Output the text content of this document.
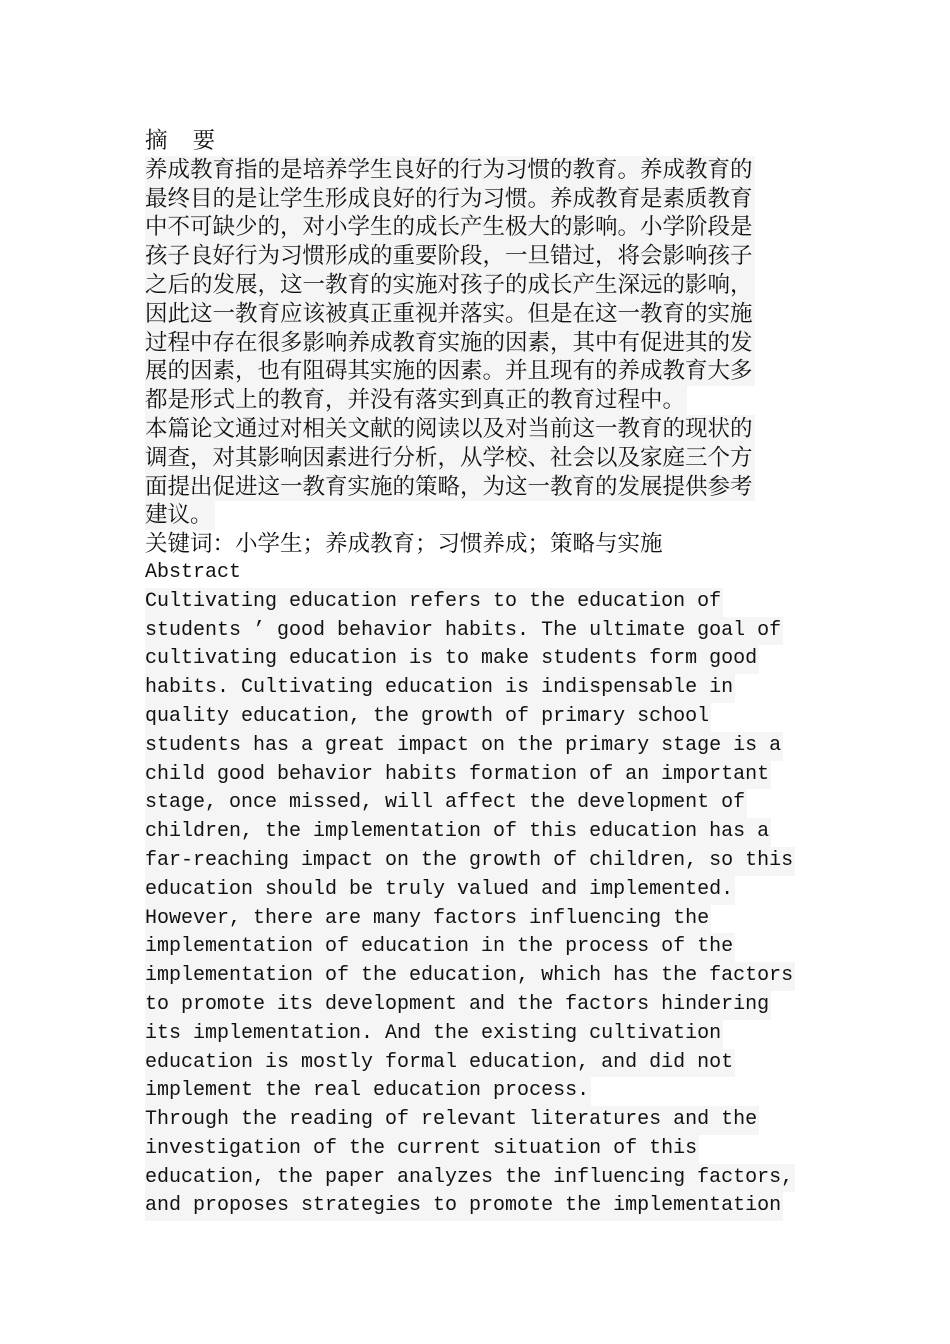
摘 要
养成教育指的是培养学生良好的行为习惯的教育。养成教育的
最终目的是让学生形成良好的行为习惯。养成教育是素质教育
中不可缺少的，对小学生的成长产生极大的影响。小学阶段是
孩子良好行为习惯形成的重要阶段，一旦错过，将会影响孩子
之后的发展，这一教育的实施对孩子的成长产生深远的影响，
因此这一教育应该被真正重视并落实。但是在这一教育的实施
过程中存在很多影响养成教育实施的因素，其中有促进其的发
展的因素，也有阻碍其实施的因素。并且现有的养成教育大多
都是形式上的教育，并没有落实到真正的教育过程中。
本篇论文通过对相关文献的阅读以及对当前这一教育的现状的
调查，对其影响因素进行分析，从学校、社会以及家庭三个方
面提出促进这一教育实施的策略，为这一教育的发展提供参考
建议。
关键词：小学生；养成教育；习惯养成；策略与实施
Abstract
Cultivating education refers to the education of
students ’ good behavior habits. The ultimate goal of
cultivating education is to make students form good
habits. Cultivating education is indispensable in
quality education, the growth of primary school
students has a great impact on the primary stage is a
child good behavior habits formation of an important
stage, once missed, will affect the development of
children, the implementation of this education has a
far-reaching impact on the growth of children, so this
education should be truly valued and implemented.
However, there are many factors influencing the
implementation of education in the process of the
implementation of the education, which has the factors
to promote its development and the factors hindering
its implementation. And the existing cultivation
education is mostly formal education, and did not
implement the real education process.
Through the reading of relevant literatures and the
investigation of the current situation of this
education, the paper analyzes the influencing factors,
and proposes strategies to promote the implementation
